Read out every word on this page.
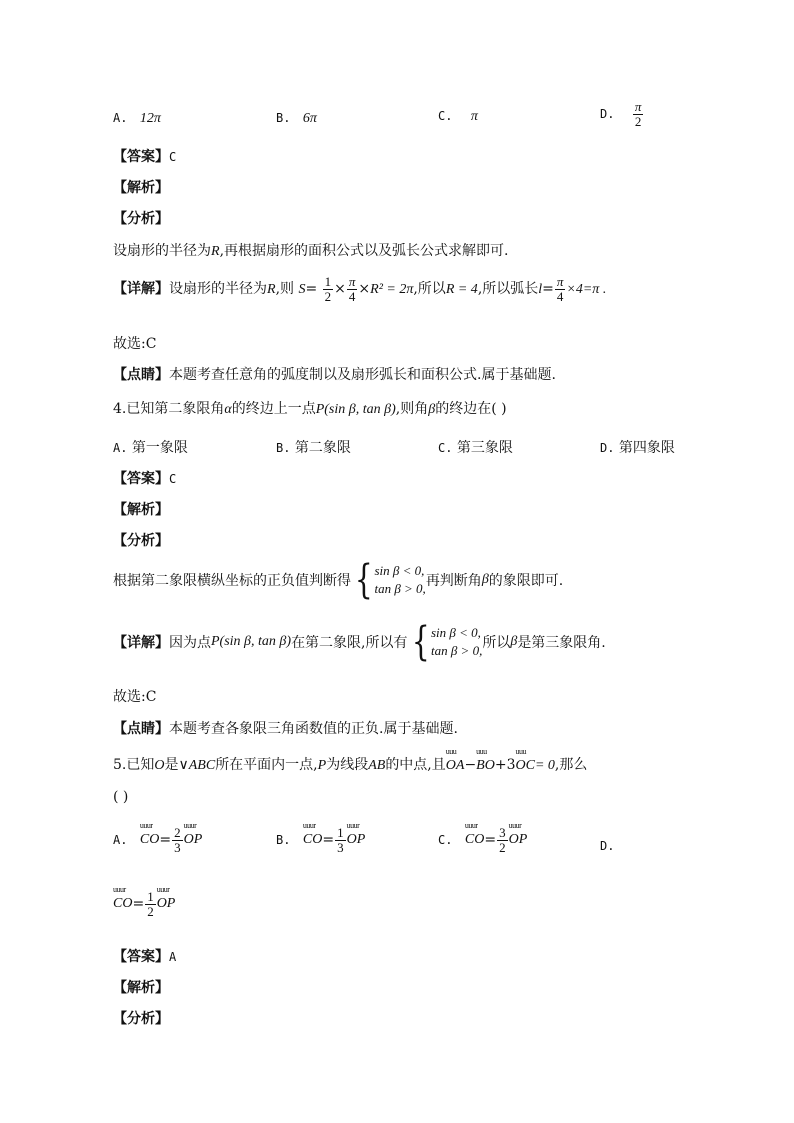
A. 12π	B. 6π	C. π	D. $\frac{\pi}{2}$
【答案】C
【解析】
【分析】
设扇形的半径为R,再根据扇形的面积公式以及弧长公式求解即可.
【详解】设扇形的半径为R,则 $S= \frac{1}{2} \times \frac{\pi}{4} \times R^2 = 2\pi$,所以R = 4,所以弧长$l= \frac{\pi}{4} \times 4=\pi$ .
故选:C
【点睛】本题考查任意角的弧度制以及扇形弧长和面积公式.属于基础题.
4.已知第二象限角α的终边上一点P(sin β, tan β),则角β的终边在( )
A. 第一象限	B. 第二象限	C. 第三象限	D. 第四象限
【答案】C
【解析】
【分析】
根据第二象限横纵坐标的正负值判断得 { sin β < 0,
tan β > 0, 再判断角β的象限即可.
【详解】因为点P(sin β, tan β)在第二象限,所以有 { sin β < 0,
tan β > 0, 所以β是第三象限角.
故选:C
【点睛】本题考查各象限三角函数值的正负.属于基础题.
5.已知O是∨ABC所在平面内一点,P为线段AB的中点,且uuu OA−uuu BO+3uuu OC= 0,那么
( )
A. uuur $CO= \frac{2}{3}$ uuur OP	B. uuur $CO= \frac{1}{3}$ uuur OP	C. uuur $CO= \frac{3}{2}$ uuur OP	D.
uuur $CO= \frac{1}{2}$ uuur OP
【答案】A
【解析】
【分析】
